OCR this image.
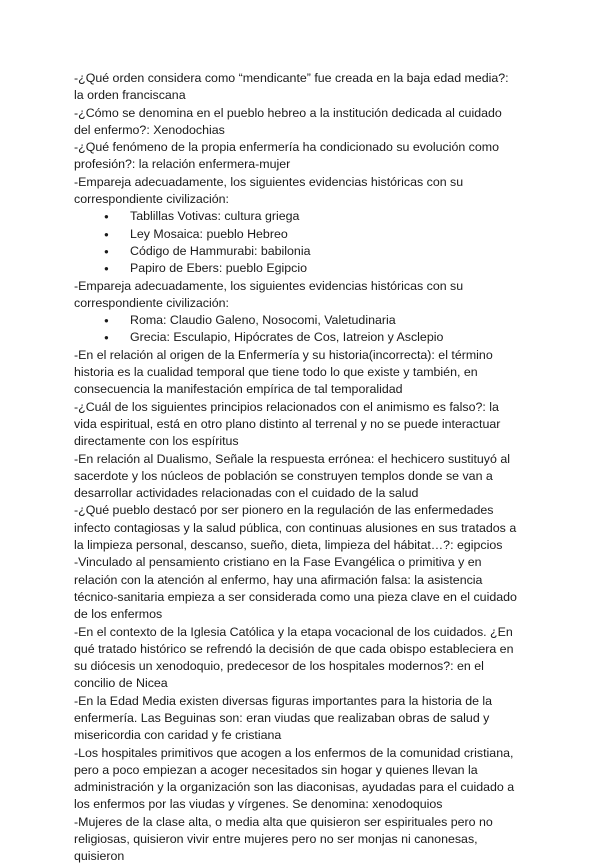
-¿Qué orden considera como “mendicante” fue creada en la baja edad media?: la orden franciscana

-¿Cómo se denomina en el pueblo hebreo a la institución dedicada al cuidado del enfermo?: Xenodochias

-¿Qué fenómeno de la propia enfermería ha condicionado su evolución como profesión?: la relación enfermera-mujer

-Empareja adecuadamente, los siguientes evidencias históricas con su correspondiente civilización:

● Tablillas Votivas: cultura griega
● Ley Mosaica: pueblo Hebreo
● Código de Hammurabi: babilonia
● Papiro de Ebers: pueblo Egipcio

-Empareja adecuadamente, los siguientes evidencias históricas con su correspondiente civilización:

● Roma: Claudio Galeno, Nosocomi, Valetudinaria
● Grecia: Esculapio, Hipócrates de Cos, Iatreion y Asclepio

-En el relación al origen de la Enfermería y su historia(incorrecta): el término historia es la cualidad temporal que tiene todo lo que existe y también, en consecuencia la manifestación empírica de tal temporalidad

-¿Cuál de los siguientes principios relacionados con el animismo es falso?: la vida espiritual, está en otro plano distinto al terrenal y no se puede interactuar directamente con los espíritus

-En relación al Dualismo, Señale la respuesta errónea: el hechicero sustituyó al sacerdote y los núcleos de población se construyen templos donde se van a desarrollar actividades relacionadas con el cuidado de la salud

-¿Qué pueblo destacó por ser pionero en la regulación de las enfermedades infecto contagiosas y la salud pública, con continuas alusiones en sus tratados a la limpieza personal, descanso, sueño, dieta, limpieza del hábitat…?: egipcios

-Vinculado al pensamiento cristiano en la Fase Evangélica o primitiva y en relación con la atención al enfermo, hay una afirmación falsa: la asistencia técnico-sanitaria empieza a ser considerada como una pieza clave en el cuidado de los enfermos

-En el contexto de la Iglesia Católica y la etapa vocacional de los cuidados. ¿En qué tratado histórico se refrendó la decisión de que cada obispo estableciera en su diócesis un xenodoquio, predecesor de los hospitales modernos?: en el concilio de Nicea

-En la Edad Media existen diversas figuras importantes para la historia de la enfermería. Las Beguinas son: eran viudas que realizaban obras de salud y misericordia con caridad y fe cristiana

-Los hospitales primitivos que acogen a los enfermos de la comunidad cristiana, pero a poco empiezan a acoger necesitados sin hogar y quienes llevan la administración y la organización son las diaconisas, ayudadas para el cuidado a los enfermos por las viudas y vírgenes. Se denomina: xenodoquios

-Mujeres de la clase alta, o media alta que quisieron ser espirituales pero no religiosas, quisieron vivir entre mujeres pero no ser monjas ni canonesas, quisieron
